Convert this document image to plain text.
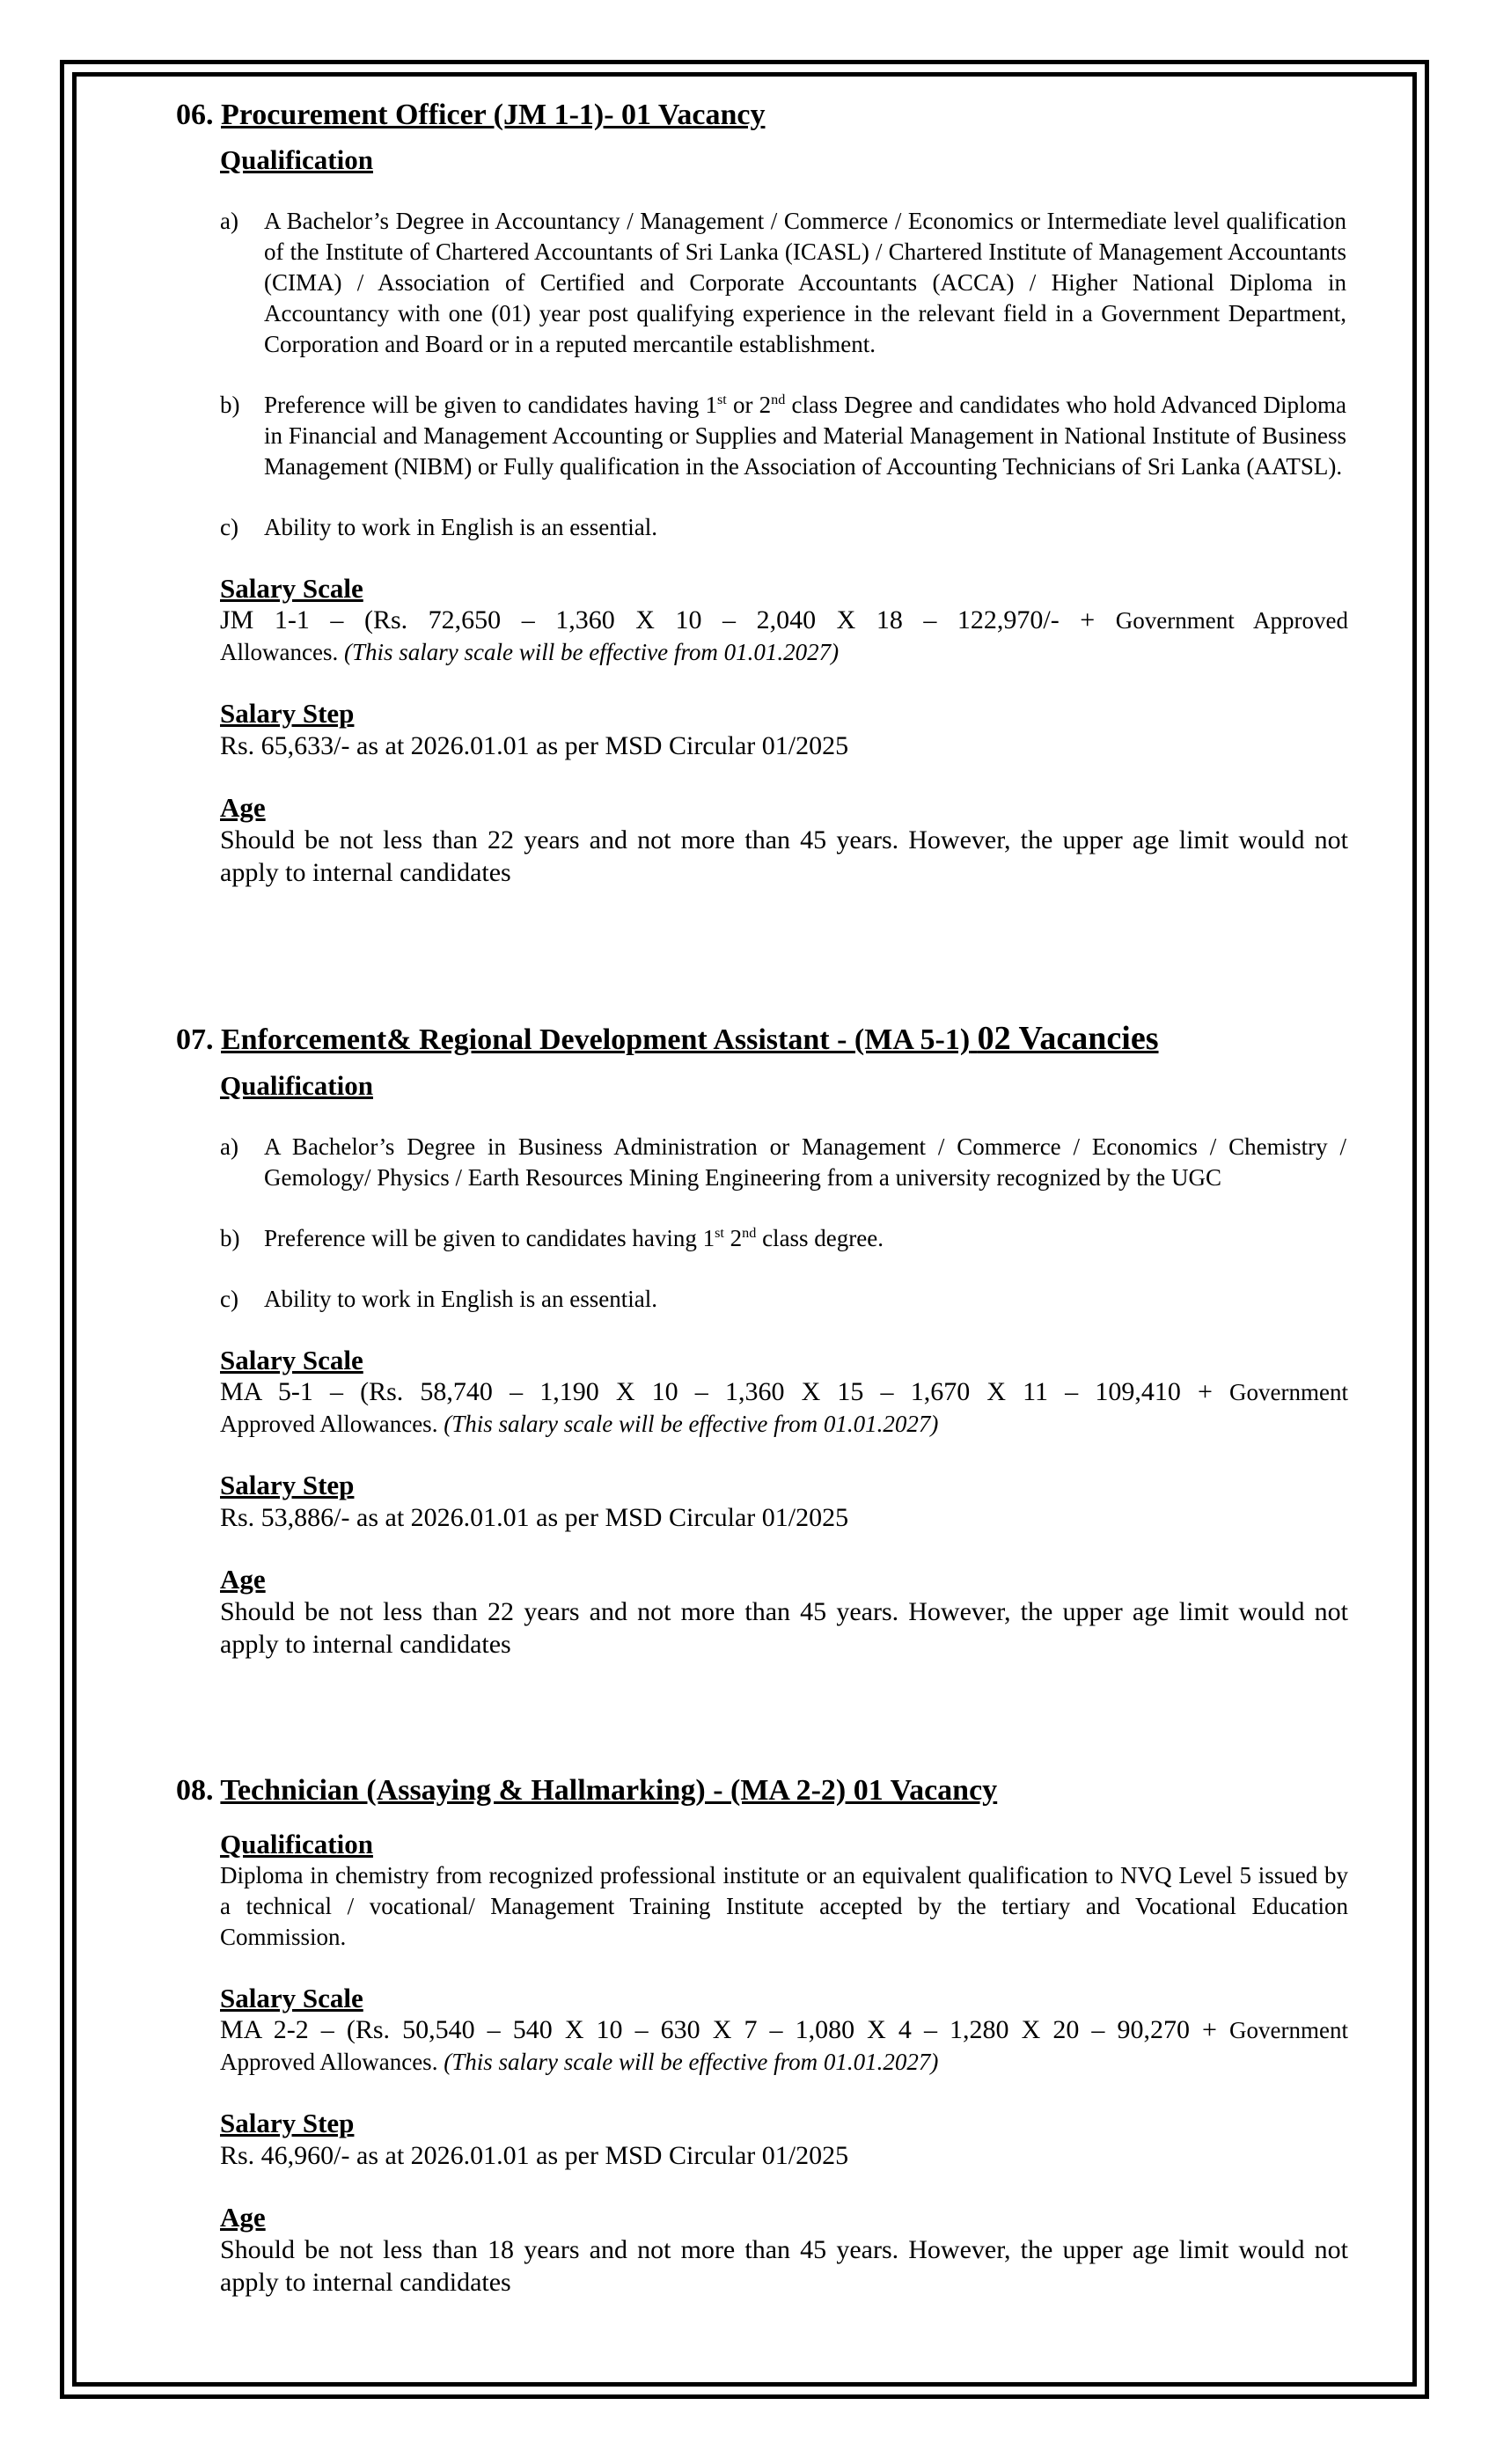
06. Procurement Officer (JM 1-1)- 01 Vacancy
Qualification
a) A Bachelor’s Degree in Accountancy / Management / Commerce / Economics or Intermediate level qualification of the Institute of Chartered Accountants of Sri Lanka (ICASL) / Chartered Institute of Management Accountants (CIMA) / Association of Certified and Corporate Accountants (ACCA) / Higher National Diploma in Accountancy with one (01) year post qualifying experience in the relevant field in a Government Department, Corporation and Board or in a reputed mercantile establishment.
b) Preference will be given to candidates having 1st or 2nd class Degree and candidates who hold Advanced Diploma in Financial and Management Accounting or Supplies and Material Management in National Institute of Business Management (NIBM) or Fully qualification in the Association of Accounting Technicians of Sri Lanka (AATSL).
c) Ability to work in English is an essential.
Salary Scale
JM 1-1 – (Rs. 72,650 – 1,360 X 10 – 2,040 X 18 – 122,970/- + Government Approved
Allowances. (This salary scale will be effective from 01.01.2027)
Salary Step
Rs. 65,633/- as at 2026.01.01 as per MSD Circular 01/2025
Age
Should be not less than 22 years and not more than 45 years. However, the upper age limit would not apply to internal candidates
07. Enforcement& Regional Development Assistant - (MA 5-1) 02 Vacancies
Qualification
a) A Bachelor’s Degree in Business Administration or Management / Commerce / Economics / Chemistry / Gemology/ Physics / Earth Resources Mining Engineering from a university recognized by the UGC
b) Preference will be given to candidates having 1st 2nd class degree.
c) Ability to work in English is an essential.
Salary Scale
MA 5-1 – (Rs. 58,740 – 1,190 X 10 – 1,360 X 15 – 1,670 X 11 – 109,410 + Government
Approved Allowances. (This salary scale will be effective from 01.01.2027)
Salary Step
Rs. 53,886/- as at 2026.01.01 as per MSD Circular 01/2025
Age
Should be not less than 22 years and not more than 45 years. However, the upper age limit would not apply to internal candidates
08. Technician (Assaying & Hallmarking) - (MA 2-2) 01 Vacancy
Qualification
Diploma in chemistry from recognized professional institute or an equivalent qualification to NVQ Level 5 issued by a technical / vocational/ Management Training Institute accepted by the tertiary and Vocational Education Commission.
Salary Scale
MA 2-2 – (Rs. 50,540 – 540 X 10 – 630 X 7 – 1,080 X 4 – 1,280 X 20 – 90,270 + Government
Approved Allowances. (This salary scale will be effective from 01.01.2027)
Salary Step
Rs. 46,960/- as at 2026.01.01 as per MSD Circular 01/2025
Age
Should be not less than 18 years and not more than 45 years. However, the upper age limit would not apply to internal candidates
